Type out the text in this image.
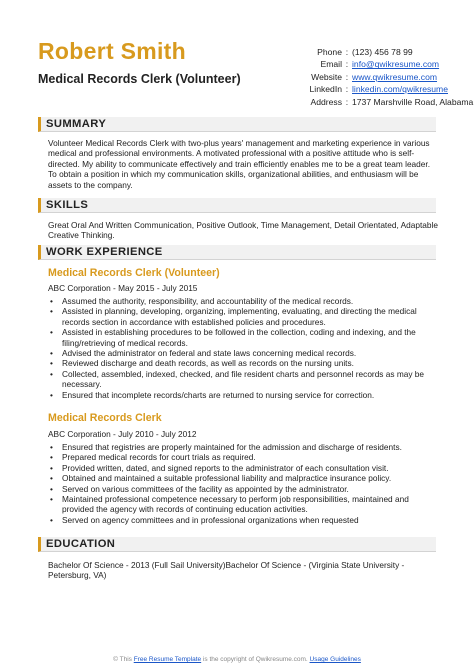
Robert Smith
Medical Records Clerk (Volunteer)
Phone : (123) 456 78 99
Email : info@qwikresume.com
Website : www.qwikresume.com
LinkedIn : linkedin.com/qwikresume
Address : 1737 Marshville Road, Alabama
SUMMARY
Volunteer Medical Records Clerk with two-plus years' management and marketing experience in various medical and professional environments. A motivated professional with a positive attitude who is self-directed. My ability to communicate effectively and train efficiently enables me to be a great team leader. To obtain a position in which my communication skills, organizational abilities, and enthusiasm will be assets to the company.
SKILLS
Great Oral And Written Communication, Positive Outlook, Time Management, Detail Orientated, Adaptable Creative Thinking.
WORK EXPERIENCE
Medical Records Clerk (Volunteer)
ABC Corporation - May 2015 - July 2015
• Assumed the authority, responsibility, and accountability of the medical records.
• Assisted in planning, developing, organizing, implementing, evaluating, and directing the medical records section in accordance with established policies and procedures.
• Assisted in establishing procedures to be followed in the collection, coding and indexing, and the filing/retrieving of medical records.
• Advised the administrator on federal and state laws concerning medical records.
• Reviewed discharge and death records, as well as records on the nursing units.
• Collected, assembled, indexed, checked, and file resident charts and personnel records as may be necessary.
• Ensured that incomplete records/charts are returned to nursing service for correction.
Medical Records Clerk
ABC Corporation - July 2010 - July 2012
• Ensured that registries are properly maintained for the admission and discharge of residents.
• Prepared medical records for court trials as required.
• Provided written, dated, and signed reports to the administrator of each consultation visit.
• Obtained and maintained a suitable professional liability and malpractice insurance policy.
• Served on various committees of the facility as appointed by the administrator.
• Maintained professional competence necessary to perform job responsibilities, maintained and provided the agency with records of continuing education activities.
• Served on agency committees and in professional organizations when requested
EDUCATION
Bachelor Of Science - 2013 (Full Sail University)Bachelor Of Science - (Virginia State University - Petersburg, VA)
© This Free Resume Template is the copyright of Qwikresume.com. Usage Guidelines
